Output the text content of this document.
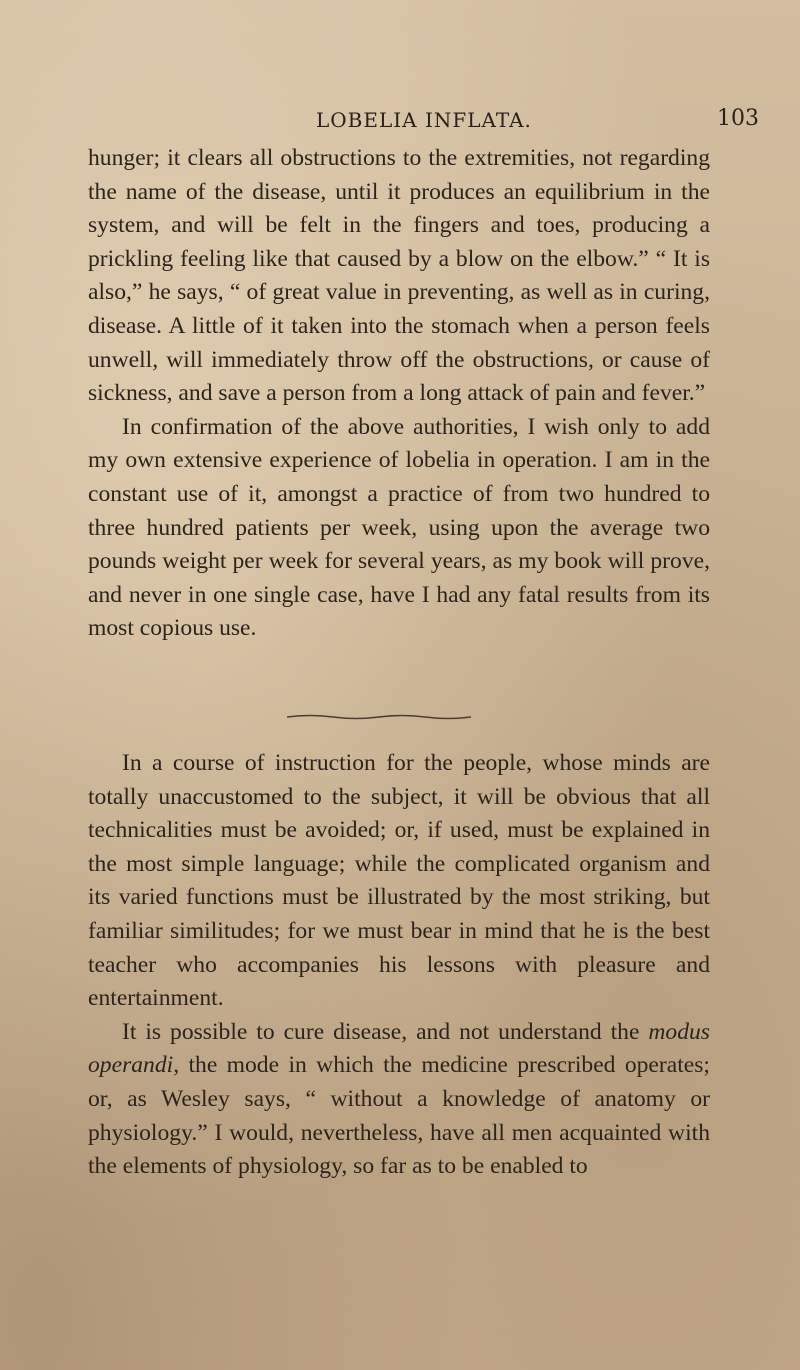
LOBELIA INFLATA.	103

hunger; it clears all obstructions to the extremities, not regarding the name of the disease, until it produces an equilibrium in the system, and will be felt in the fingers and toes, producing a prickling feeling like that caused by a blow on the elbow.” “ It is also,” he says, “ of great value in preventing, as well as in curing, disease. A little of it taken into the stomach when a person feels unwell, will immediately throw off the obstructions, or cause of sickness, and save a person from a long attack of pain and fever.”

In confirmation of the above authorities, I wish only to add my own extensive experience of lobelia in operation. I am in the constant use of it, amongst a practice of from two hundred to three hundred patients per week, using upon the average two pounds weight per week for several years, as my book will prove, and never in one single case, have I had any fatal results from its most copious use.

In a course of instruction for the people, whose minds are totally unaccustomed to the subject, it will be obvious that all technicalities must be avoided; or, if used, must be explained in the most simple language; while the complicated organism and its varied functions must be illustrated by the most striking, but familiar similitudes; for we must bear in mind that he is the best teacher who accompanies his lessons with pleasure and entertainment.

It is possible to cure disease, and not understand the modus operandi, the mode in which the medicine prescribed operates; or, as Wesley says, “ without a knowledge of anatomy or physiology.” I would, nevertheless, have all men acquainted with the elements of physiology, so far as to be enabled to
